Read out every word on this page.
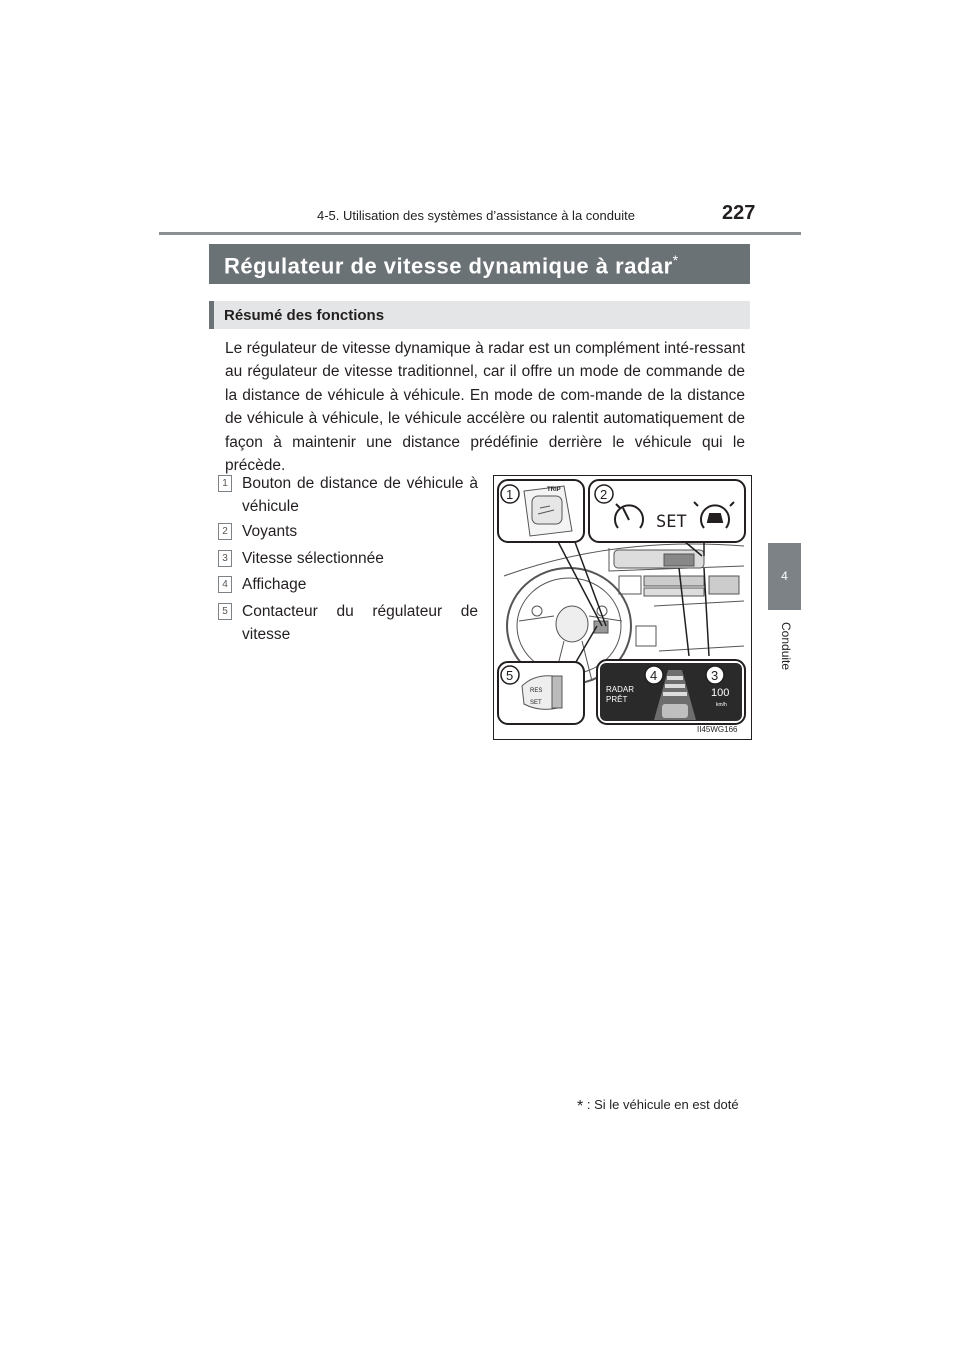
4-5. Utilisation des systèmes d’assistance à la conduite	227
4
Conduite
Régulateur de vitesse dynamique à radar*
Résumé des fonctions

Le régulateur de vitesse dynamique à radar est un complément inté-ressant au régulateur de vitesse traditionnel, car il offre un mode de commande de la distance de véhicule à véhicule. En mode de com-mande de la distance de véhicule à véhicule, le véhicule accélère ou ralentit automatiquement de façon à maintenir une distance prédéfinie derrière le véhicule qui le précède.

1 Bouton de distance de véhicule à véhicule
2 Voyants
3 Vitesse sélectionnée
4 Affichage
5 Contacteur du régulateur de vitesse
TRIP
1	2
SET
RES
SET
5
RADAR
PRÊT
100
km/h
4	3
II45WG166
* : Si le véhicule en est doté
